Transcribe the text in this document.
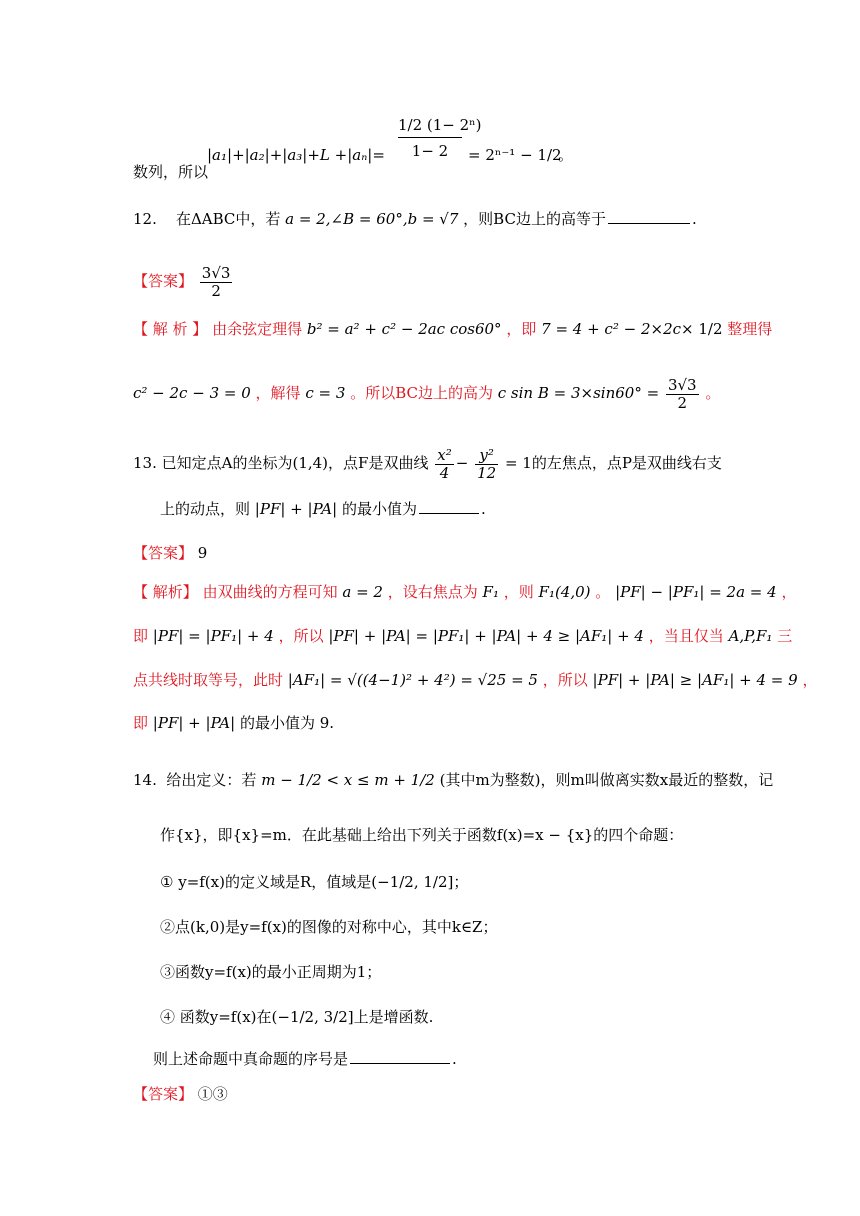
数列，所以
|a₁|+|a₂|+|a₃|+L +|aₙ|=
1/2 (1− 2ⁿ)
1− 2	= 2ⁿ⁻¹ − 1/2
。
12. 在ΔABC中，若 a = 2,∠B = 60°,b = √7 ，则BC边上的高等于	.
【答案】 $\frac{3√3}{2}$
【 解 析 】 由余弦定理得 b² = a² + c² − 2ac cos60° ，即 7 = 4 + c² − 2×2c× 1/2 整理得
c² − 2c − 3 = 0 ，解得 c = 3 。所以BC边上的高为 c $\sin B = 3\times\sin 60^\circ = \frac{3√3}{2}$ 。
13. 已知定点A的坐标为(1,4)，点F是双曲线 $\frac{\text{x²}}{4} - \frac{\text{y²}}{12} = 1$的左焦点，点P是双曲线右支
上的动点，则 |PF| + |PA| 的最小值为	.
【答案】 9
【 解析】 由双曲线的方程可知 a = 2 ，设右焦点为 F₁ ，则 F₁(4,0) 。 |PF| − |PF₁| = 2a = 4 ，
即 |PF| = |PF₁| + 4 ，所以 |PF| + |PA| = |PF₁| + |PA| + 4 ≥ |AF₁| + 4 ，当且仅当 A,P,F₁ 三
点共线时取等号，此时 |AF₁| = √((4−1)² + 4²) = √25 = 5 ，所以 |PF| + |PA| ≥ |AF₁| + 4 = 9 ，
即 |PF| + |PA| 的最小值为 9.
14. 给出定义：若 m − 1/2 < x ≤ m + 1/2 (其中m为整数)，则m叫做离实数x最近的整数，记
作{x}，即{x}=m．在此基础上给出下列关于函数f(x)=x − {x}的四个命题：
① y=f(x)的定义域是R，值域是(−1/2, 1/2]；
②点(k,0)是y=f(x)的图像的对称中心，其中k∈Z；
③函数y=f(x)的最小正周期为1；
④ 函数y=f(x)在(−1/2, 3/2]上是增函数.
则上述命题中真命题的序号是	.
【答案】 ①③
